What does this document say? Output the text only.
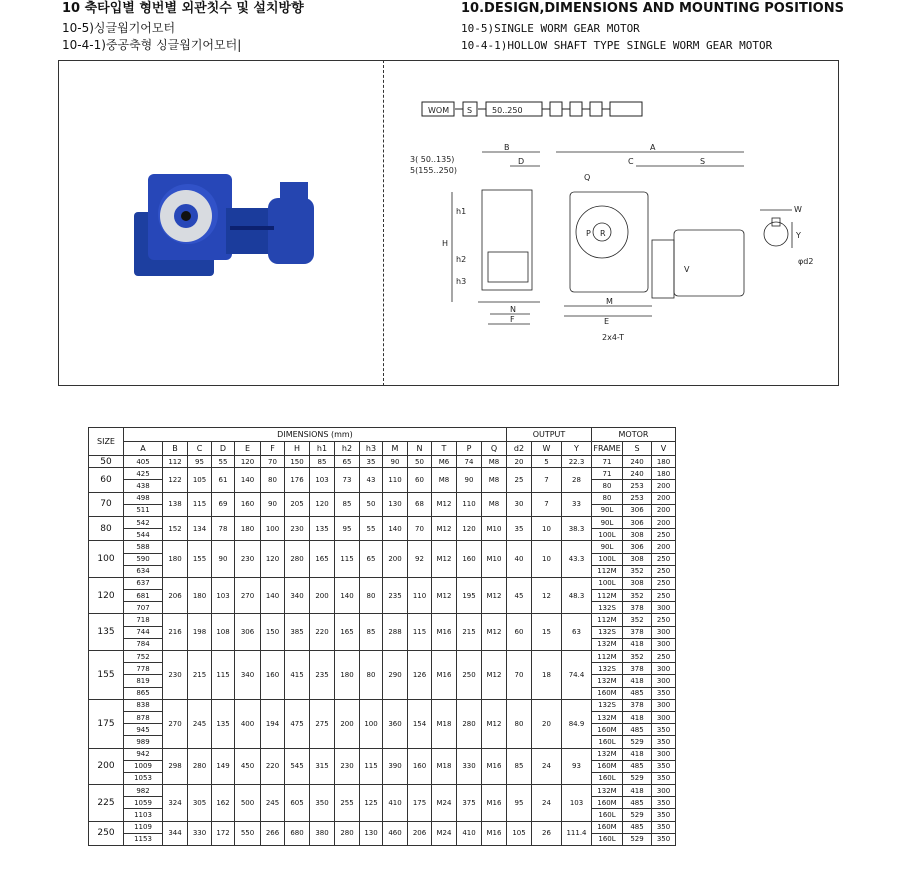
10 축타입별 형번별 외관칫수 및 설치방향
10-5)싱글웜기어모터
10-4-1)중공축형 싱글웜기어모터|
10.DESIGN,DIMENSIONS AND MOUNTING POSITIONS
10-5)SINGLE WORM GEAR MOTOR
10-4-1)HOLLOW SHAFT TYPE SINGLE WORM GEAR MOTOR
WOM S 50..250
3( 50..135)
5(155..250)
B
D
H
h1
h2
h3
N
F
A
C	S
Q
P R
M
E
V
2x4-T
W
Y
φd2
SIZE	DIMENSIONS (mm)															OUTPUT			MOTOR		
	A	B	C	D	E	F	H	h1	h2	h3	M	N	T	P	Q	d2	W	Y	FRAME	S	V
50	405	112	95	55	120	70	150	85	65	35	90	50	M6	74	M8	20	5	22.3	71	240	180
60	425	122	105	61	140	80	176	103	73	43	110	60	M8	90	M8	25	7	28	71	240	180
	438																		80	253	200
70	498	138	115	69	160	90	205	120	85	50	130	68	M12	110	M8	30	7	33	80	253	200
	511																		90L	306	200
80	542	152	134	78	180	100	230	135	95	55	140	70	M12	120	M10	35	10	38.3	90L	306	200
	544																		100L	308	250
100	588	180	155	90	230	120	280	165	115	65	200	92	M12	160	M10	40	10	43.3	90L	306	200
	590																		100L	308	250
	634																		112M	352	250
120	637	206	180	103	270	140	340	200	140	80	235	110	M12	195	M12	45	12	48.3	100L	308	250
	681																		112M	352	250
	707																		132S	378	300
135	718	216	198	108	306	150	385	220	165	85	288	115	M16	215	M12	60	15	63	112M	352	250
	744																		132S	378	300
	784																		132M	418	300
155	752	230	215	115	340	160	415	235	180	80	290	126	M16	250	M12	70	18	74.4	112M	352	250
	778																		132S	378	300
	819																		132M	418	300
	865																		160M	485	350
175	838	270	245	135	400	194	475	275	200	100	360	154	M18	280	M12	80	20	84.9	132S	378	300
	878																		132M	418	300
	945																		160M	485	350
	989																		160L	529	350
200	942	298	280	149	450	220	545	315	230	115	390	160	M18	330	M16	85	24	93	132M	418	300
	1009																		160M	485	350
	1053																		160L	529	350
225	982	324	305	162	500	245	605	350	255	125	410	175	M24	375	M16	95	24	103	132M	418	300
	1059																		160M	485	350
	1103																		160L	529	350
250	1109	344	330	172	550	266	680	380	280	130	460	206	M24	410	M16	105	26	111.4	160M	485	350
	1153																		160L	529	350
